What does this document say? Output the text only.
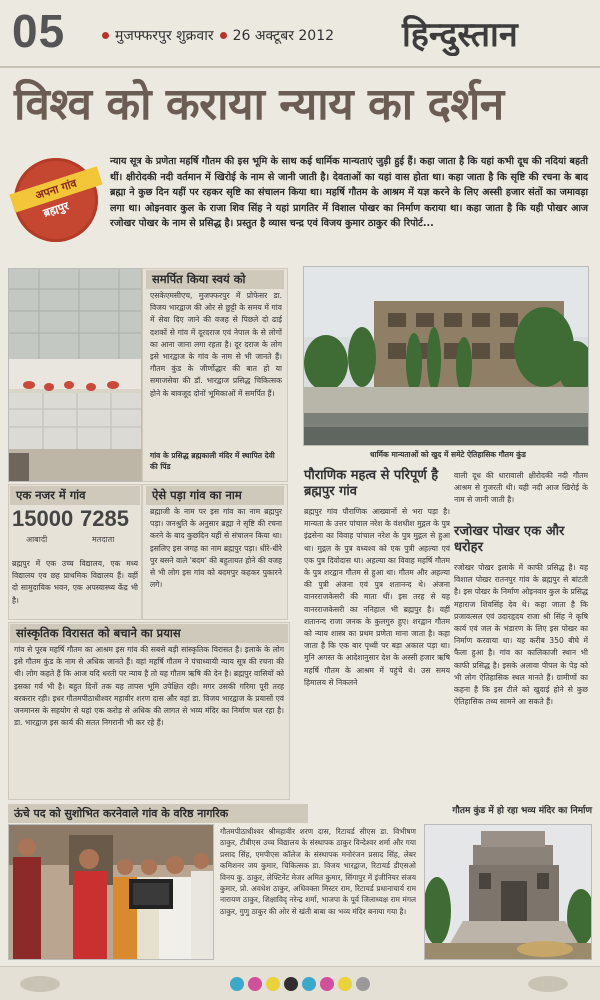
05	मुजफ्फरपुर शुक्रवार 26 अक्टूबर 2012 हिन्दुस्तान
विश्व को कराया न्याय का दर्शन
अपना गांव
ब्रह्मपुर
न्याय सूत्र के प्रणेता महर्षि गौतम की इस भूमि के साथ कई धार्मिक मान्यताएं जुड़ी हुई हैं। कहा जाता है कि यहां कभी दूध की नदियां बहती थीं। क्षीरोदकी नदी वर्तमान में खिरोई के नाम से जानी जाती है। देवताओं का यहां वास होता था। कहा जाता है कि सृष्टि की रचना के बाद ब्रह्मा ने कुछ दिन यहीं पर रहकर सृष्टि का संचालन किया था। महर्षि गौतम के आश्रम में यज्ञ करने के लिए अस्सी हजार संतों का जमावड़ा लगा था। ओइनवार कुल के राजा शिव सिंह ने यहां प्रागतिर में विशाल पोखर का निर्माण कराया था। कहा जाता है कि यही पोखर आज रजोखर पोखर के नाम से प्रसिद्ध है। प्रस्तुत है व्यास चन्द्र एवं विजय कुमार ठाकुर की रिपोर्ट...
समर्पित किया स्वयं को
एसकेएमसीएच, मुजफ्फरपुर में प्रोफेसर डा. विजय भारद्वाज की ओर से छुट्टी के समय में गांव में सेवा दिए जाने की वजह से पिछले दो ढाई दशकों से गांव में दूरदराज एवं नेपाल के से लोगों का आना जाना लगा रहता है। दूर दराज के लोग इसे भारद्वाज के गांव के नाम से भी जानते हैं। गौतम कुंड के जीर्णोद्धार की बात हो या समाजसेवा की डॉ. भारद्वाज प्रसिद्ध चिकित्सक होने के बावजूद दोनों भूमिकाओं में समर्पित हैं।
गांव के प्रसिद्ध ब्रह्मकाली मंदिर में स्थापित देवी की पिंड
धार्मिक मान्यताओं को खुद में समेटे ऐतिहासिक गौतम कुंड
एक नजर में गांव
15000
आबादी
7285
मतदाता
ब्रह्मपुर में एक उच्च विद्यालय, एक मध्य विद्यालय एव छह प्राथमिक विद्यालय हैं। वहीं दो सामुदायिक भवन, एक अपस्वास्थ्य केंद्र भी है।
ऐसे पड़ा गांव का नाम
ब्रह्माजी के नाम पर इस गांव का नाम ब्रह्मपुर पड़ा। जनश्रुति के अनुसार ब्रह्मा ने सृष्टि की रचना करने के बाद कुछदिन यहीं से संचालन किया था। इसलिए इस जगह का नाम ब्रह्मपुर पड़ा। धीरे-धीरे पुर बसने वाले 'बदम' की बहुतायत होने की वजह से भी लोग इस गांव को बदमपुर कहकर पुकारने लगे।
पौराणिक महत्व से परिपूर्ण है ब्रह्मपुर गांव
ब्रह्मपुर गांव पौराणिक आख्यानों से भरा पड़ा है। मान्यता के उत्तर पांचाल नरेश के वंशधीश मुद्गल के पुत्र इंद्रसेना का विवाह पांचाल नरेश के पुत्र मुद्गल से हुआ था। मुद्गल के पुत्र वध्यश्व को एक पुत्री अहल्या एवं एक पुत्र दिवोदास था। अहल्या का विवाह महर्षि गौतम के पुत्र शरद्वान गौतम से हुआ था। गौतम और अहल्या की पुत्री अंजना एवं पुत्र शतानन्द थे। अंजना वानरराजकेसरी की माता थीं। इस तरह से यह वानरराजकेसरी का ननिहाल भी ब्रह्मपुर है। वहीं शतानन्द राजा जनक के कुलगुरु हुए। शरद्वान गौतम को न्याय शास्त्र का प्रथम प्रणेता माना जाता है। कहा जाता है कि एक बार पृथ्वी पर बड़ा अकाल पड़ा था। मुनि अगस्त के आदेशानुसार देश के अस्सी हजार ऋषि महर्षि गौतम के आश्रम में पहुंचे थे। उस समय हिमालय से निकलने
वाली दूध की धारावाली क्षीरोदकी नदी गौतम आश्रम से गुजरती थी। यही नदी आज खिरोई के नाम से जानी जाती है।
रजोखर पोखर एक और धरोहर
रजोखर पोखर इलाके में काफी प्रसिद्ध है। यह विशाल पोखर रातनपुर गांव के ब्रह्मपुर से बांटती है। इस पोखर के निर्माण ओइनवार कुल के प्रसिद्ध महाराज शिवसिंह देव थे। कहा जाता है कि प्रजावत्सल एवं उदारहृदय राजा श्री सिंह ने कृषि कार्य एवं जल के भंडारण के लिए इस पोखर का निर्माण करवाया था। यह करीब 350 बीघे में फैला हुआ है। गांव का कालिकाजी स्थान भी काफी प्रसिद्ध है। इसके अलावा पीपल के पेड़ को भी लोग ऐतिहासिक स्थल मानते हैं। ग्रामीणों का कहना है कि इस टीले को खुदाई होने से कुछ ऐतिहासिक तथ्य सामने आ सकते हैं।
सांस्कृतिक विरासत को बचाने का प्रयास
गांव से पूरब महर्षि गौतम का आश्रम इस गांव की सबसे बड़ी सांस्कृतिक विरासत है। इलाके के लोग इसे गौतम कुंड के नाम से अधिक जानते हैं। वहां महर्षि गौतम ने पंचाध्यायी न्याय सूत्र की रचना की थी। लोग कहते हैं कि आज यदि धरती पर न्याय है तो यह गौतम ऋषि की देन है। ब्रह्मपुर वासियों को इसका गर्व भी है। बहुत दिनों तक यह तापस भूमि उपेक्षित रही। मगर उसकी गरिमा पूरी तरह बरकरार रही। इधर गौतमपीठाधीश्वर महावीर शरण दास और वहां डा. विजय भारद्वाज के प्रयासों एवं जनमानस के सहयोग से यहां एक करोड़ से अधिक की लागत से भव्य मंदिर का निर्माण चल रहा है। डा. भारद्वाज इस कार्य की सतत निगरानी भी कर रहे हैं।
ऊंचे पद को सुशोभित करनेवाले गांव के वरिष्ठ नागरिक	गौतम कुंड में हो रहा भव्य मंदिर का निर्माण
गौतमपीठाधीश्वर श्रीमहावीर शरण दास, रिटायर्ड सीएस डा. विभीषण ठाकुर, टीबीएस उच्च विद्यालय के संस्थापक ठाकुर विन्देश्वर शर्मा और गया प्रसाद सिंह, एमपीएस कॉलेज के संस्थापक मनोरंजन प्रसाद सिंह, लेबर कमिशनर जय कुमार, चिकित्सक डा. विजय भारद्वाज, रिटायर्ड डीएसओ विनय कु. ठाकुर, लेफ्टिनेंट मेजर अमित कुमार, सिंगापुर में इंजीनियर संजय कुमार, प्रो. अवधेश ठाकुर, अधिवक्ता मिस्टर राम, रिटायर्ड प्रधानाचार्य राम नारायण ठाकुर, शिक्षाविद् नरेन्द्र शर्मा, भाजपा के पूर्व जिलाध्यक्ष राम मंगल ठाकुर, गुणु ठाकुर की ओर से खंती बाबा का भव्य मंदिर बनाया गया है।
